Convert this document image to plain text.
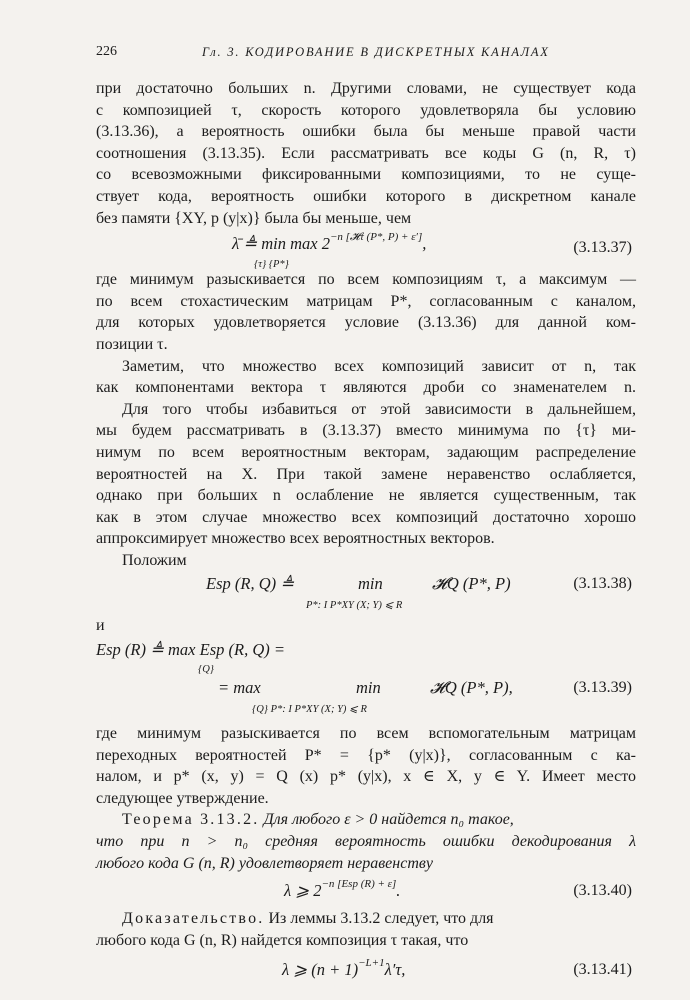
226	Гл. 3. КОДИРОВАНИЕ В ДИСКРЕТНЫХ КАНАЛАХ
при достаточно больших n. Другими словами, не существует кода
с композицией τ, скорость которого удовлетворяла бы условию
(3.13.36), а вероятность ошибки была бы меньше правой части
соотношения (3.13.35). Если рассматривать все коды G (n, R, τ)
со всевозможными фиксированными композициями, то не суще-
ствует кода, вероятность ошибки которого в дискретном канале
без памяти {XY, p (y|x)} была бы меньше, чем
λ̄ ≜ $\min \max 2^{-n [𝓗\tau (P*, P) + \varepsilon']}$,
{τ} {P*}
(3.13.37)
где минимум разыскивается по всем композициям τ, а максимум —
по всем стохастическим матрицам P*, согласованным с каналом,
для которых удовлетворяется условие (3.13.36) для данной ком-
позиции τ.
Заметим, что множество всех композиций зависит от n, так
как компонентами вектора τ являются дроби со знаменателем n.
Для того чтобы избавиться от этой зависимости в дальнейшем,
мы будем рассматривать в (3.13.37) вместо минимума по {τ} ми-
нимум по всем вероятностным векторам, задающим распределение
вероятностей на X. При такой замене неравенство ослабляется,
однако при больших n ослабление не является существенным, так
как в этом случае множество всех композиций достаточно хорошо
аппроксимирует множество всех вероятностных векторов.
Положим
Esp (R, Q) ≜	min
P*: I P*XY (X; Y) ⩽ R
𝓗Q (P*, P)	(3.13.38)
и
Esp (R) ≜ max Esp (R, Q) =
{Q}
= max	min
{Q} P*: I P*XY (X; Y) ⩽ R
𝓗Q (P*, P),	(3.13.39)
где минимум разыскивается по всем вспомогательным матрицам
переходных вероятностей P* = {p* (y|x)}, согласованным с ка-
налом, и p* (x, y) = Q (x) p* (y|x), x ∈ X, y ∈ Y. Имеет место
следующее утверждение.
Теорема 3.13.2. Для любого ε > 0 найдется n₀ такое,
что при n > n₀ средняя вероятность ошибки декодирования λ
любого кода G (n, R) удовлетворяет неравенству
λ ⩾ $2^{-n [Esp (R) + \varepsilon]}$.	(3.13.40)
Доказательство. Из леммы 3.13.2 следует, что для
любого кода G (n, R) найдется композиция τ такая, что
λ ⩾ $(n + 1)^{-L+1}\lambda'\tau$,	(3.13.41)
